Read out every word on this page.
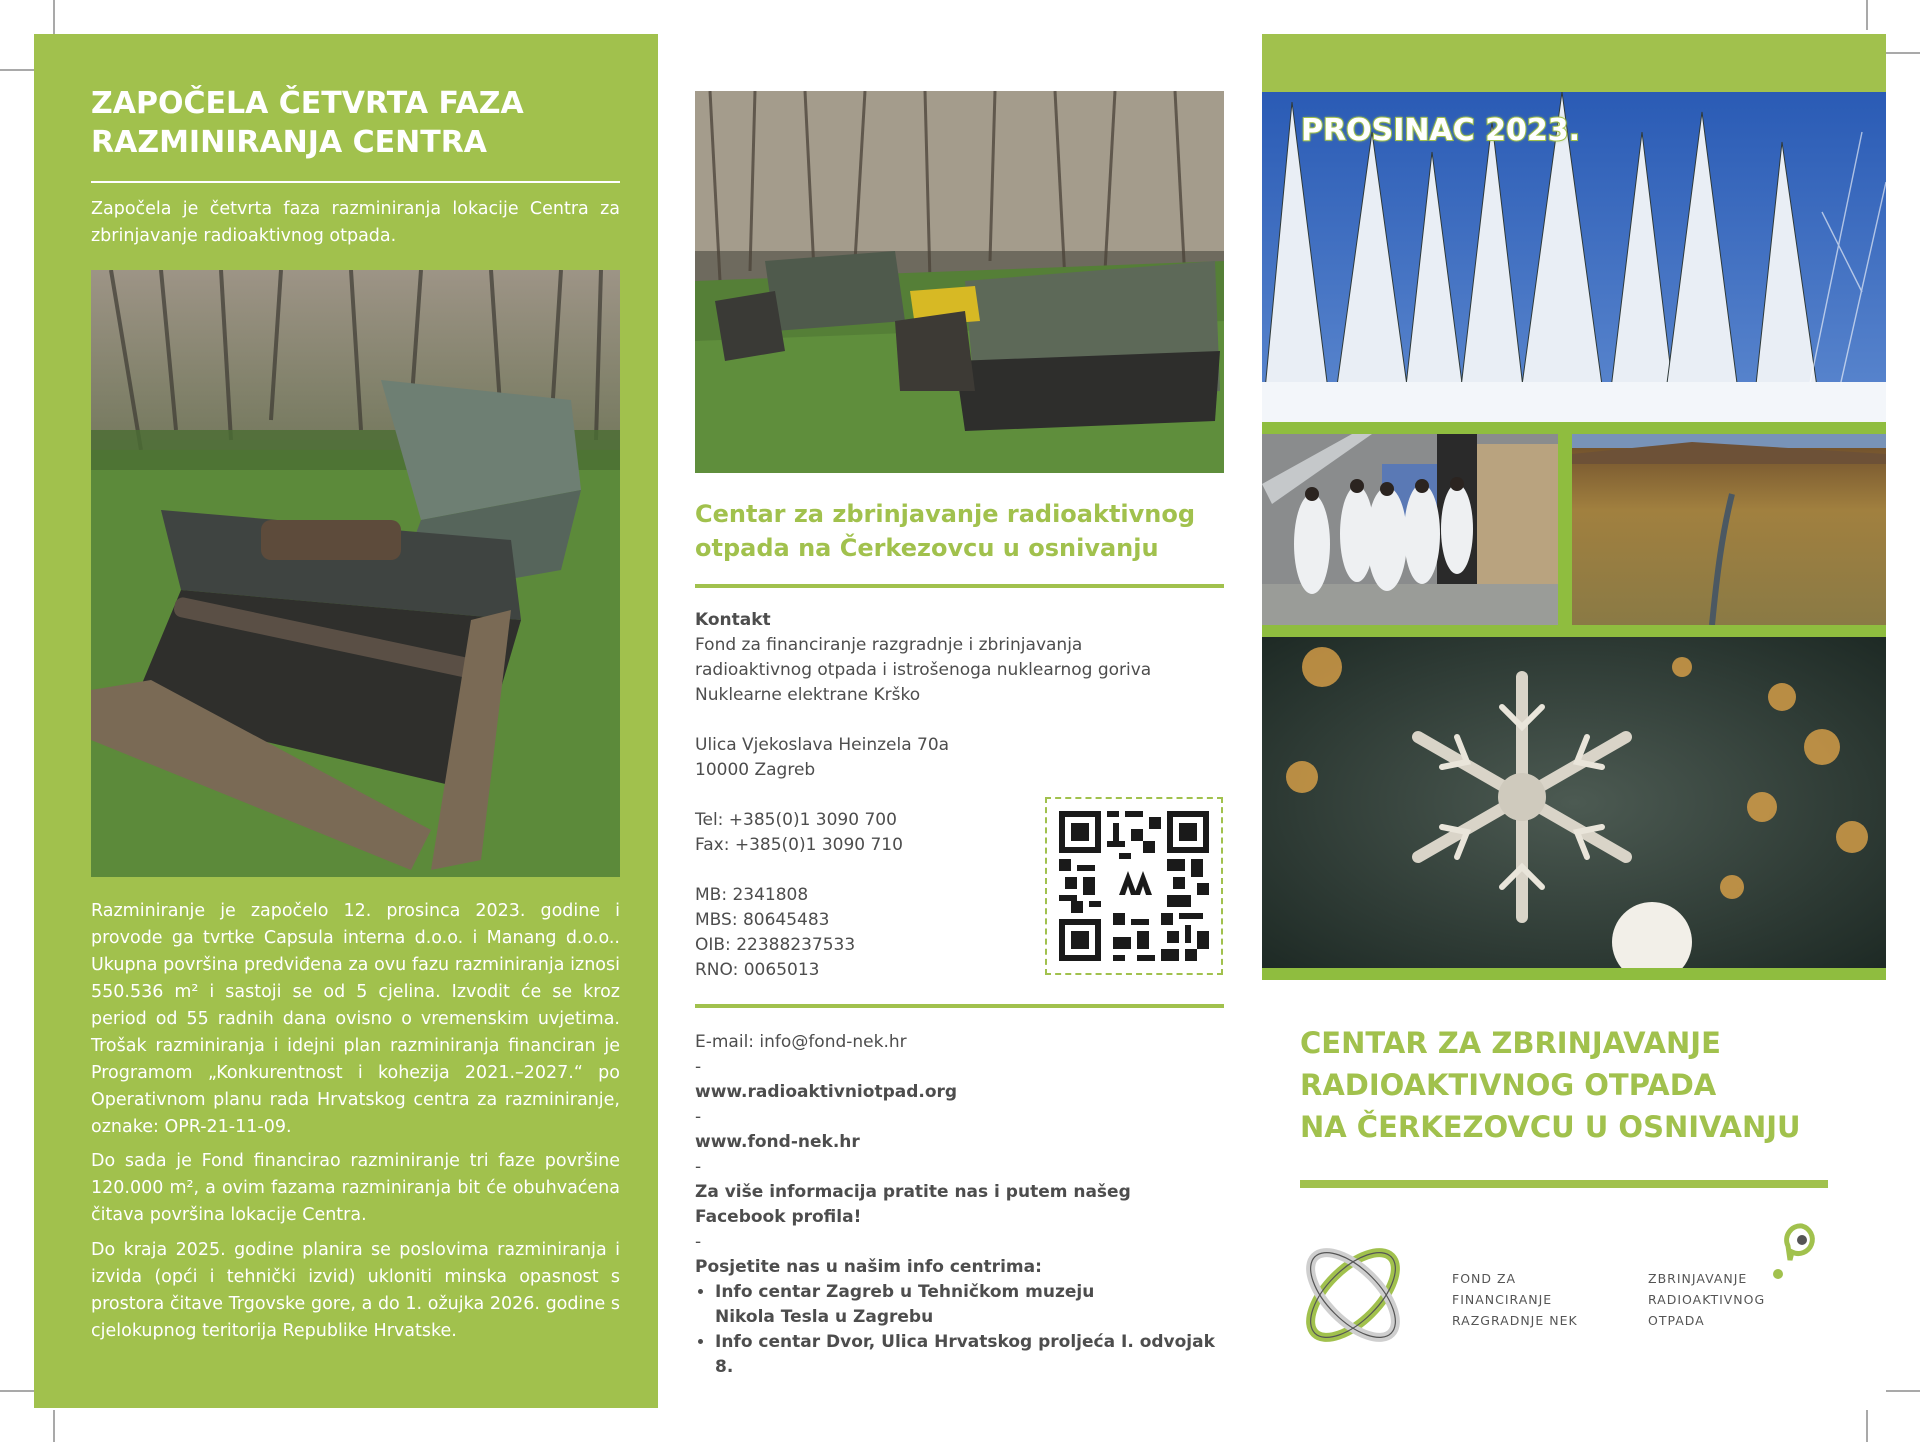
ZAPOČELA ČETVRTA FAZA
RAZMINIRANJA CENTRA
Započela je četvrta faza razminiranja lokacije Centra za zbrinjavanje radioaktivnog otpada.
Razminiranje je započelo 12. prosinca 2023. godine i provode ga tvrtke Capsula interna d.o.o. i Manang d.o.o.. Ukupna površina predviđena za ovu fazu razminiranja iznosi 550.536 m² i sastoji se od 5 cjelina. Izvodit će se kroz period od 55 radnih dana ovisno o vremenskim uvjetima. Trošak razminiranja i idejni plan razminiranja financiran je Programom „Konkurentnost i kohezija 2021.–2027.“ po Operativnom planu rada Hrvatskog centra za razminiranje, oznake: OPR-21-11-09.
Do sada je Fond financirao razminiranje tri faze površine 120.000 m², a ovim fazama razminiranja bit će obuhvaćena čitava površina lokacije Centra.
Do kraja 2025. godine planira se poslovima razminiranja i izvida (opći i tehnički izvid) ukloniti minska opasnost s prostora čitave Trgovske gore, a do 1. ožujka 2026. godine s cjelokupnog teritorija Republike Hrvatske.
Centar za zbrinjavanje radioaktivnog otpada na Čerkezovcu u osnivanju
Kontakt
Fond za financiranje razgradnje i zbrinjavanja
radioaktivnog otpada i istrošenoga nuklearnog goriva
Nuklearne elektrane Krško
Ulica Vjekoslava Heinzela 70a
10000 Zagreb
Tel: +385(0)1 3090 700
Fax: +385(0)1 3090 710
MB: 2341808
MBS: 80645483
OIB: 22388237533
RNO: 0065013
E-mail: info@fond-nek.hr
-
www.radioaktivniotpad.org
-
www.fond-nek.hr
-
Za više informacija pratite nas i putem našeg
Facebook profila!
-
Posjetite nas u našim info centrima:
• Info centar Zagreb u Tehničkom muzeju
Nikola Tesla u Zagrebu
• Info centar Dvor, Ulica Hrvatskog proljeća I. odvojak 8.
PROSINAC 2023.
CENTAR ZA ZBRINJAVANJE
RADIOAKTIVNOG OTPADA
NA ČERKEZOVCU U OSNIVANJU
FOND ZA
FINANCIRANJE
RAZGRADNJE NEK
ZBRINJAVANJE
RADIOAKTIVNOG
OTPADA
